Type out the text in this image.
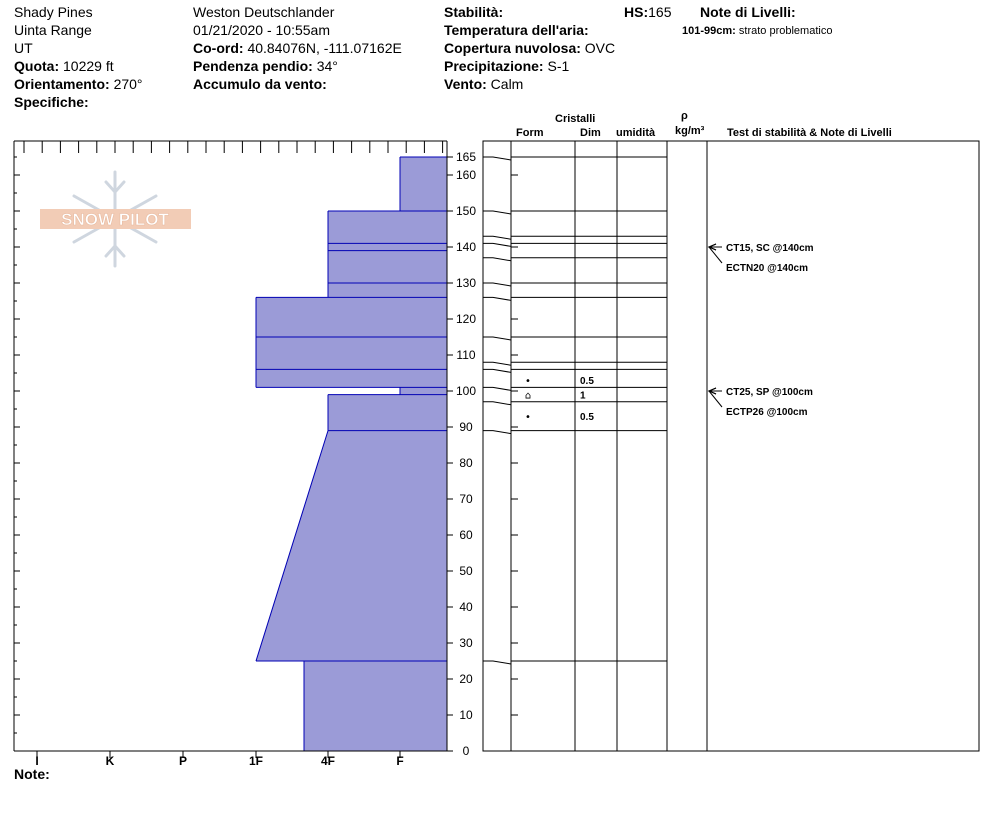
Shady Pines
Uinta Range
UT
Quota: 10229 ft
Orientamento: 270°
Specifiche:
Weston Deutschlander
01/21/2020 - 10:55am
Co-ord: 40.84076N, -111.07162E
Pendenza pendio: 34°
Accumulo da vento:
Stabilità:
Temperatura dell'aria:
Copertura nuvolosa: OVC
Precipitazione: S-1
Vento: Calm
HS:165 Note di Livelli:
101-99cm: strato problematico
SNOW PILOT
I	K	P	1F	4F	F
0
10
20
30
40
50
60
70
80
90
100
110
120
130
140
150
160
165
•	0.5
⌂	1
•	0.5
CT15, SC @140cm
ECTN20 @140cm
CT25, SP @100cm
ECTP26 @100cm
Cristalli
Form	Dim umidità
ρ
kg/m³ Test di stabilità & Note di Livelli
Note:
